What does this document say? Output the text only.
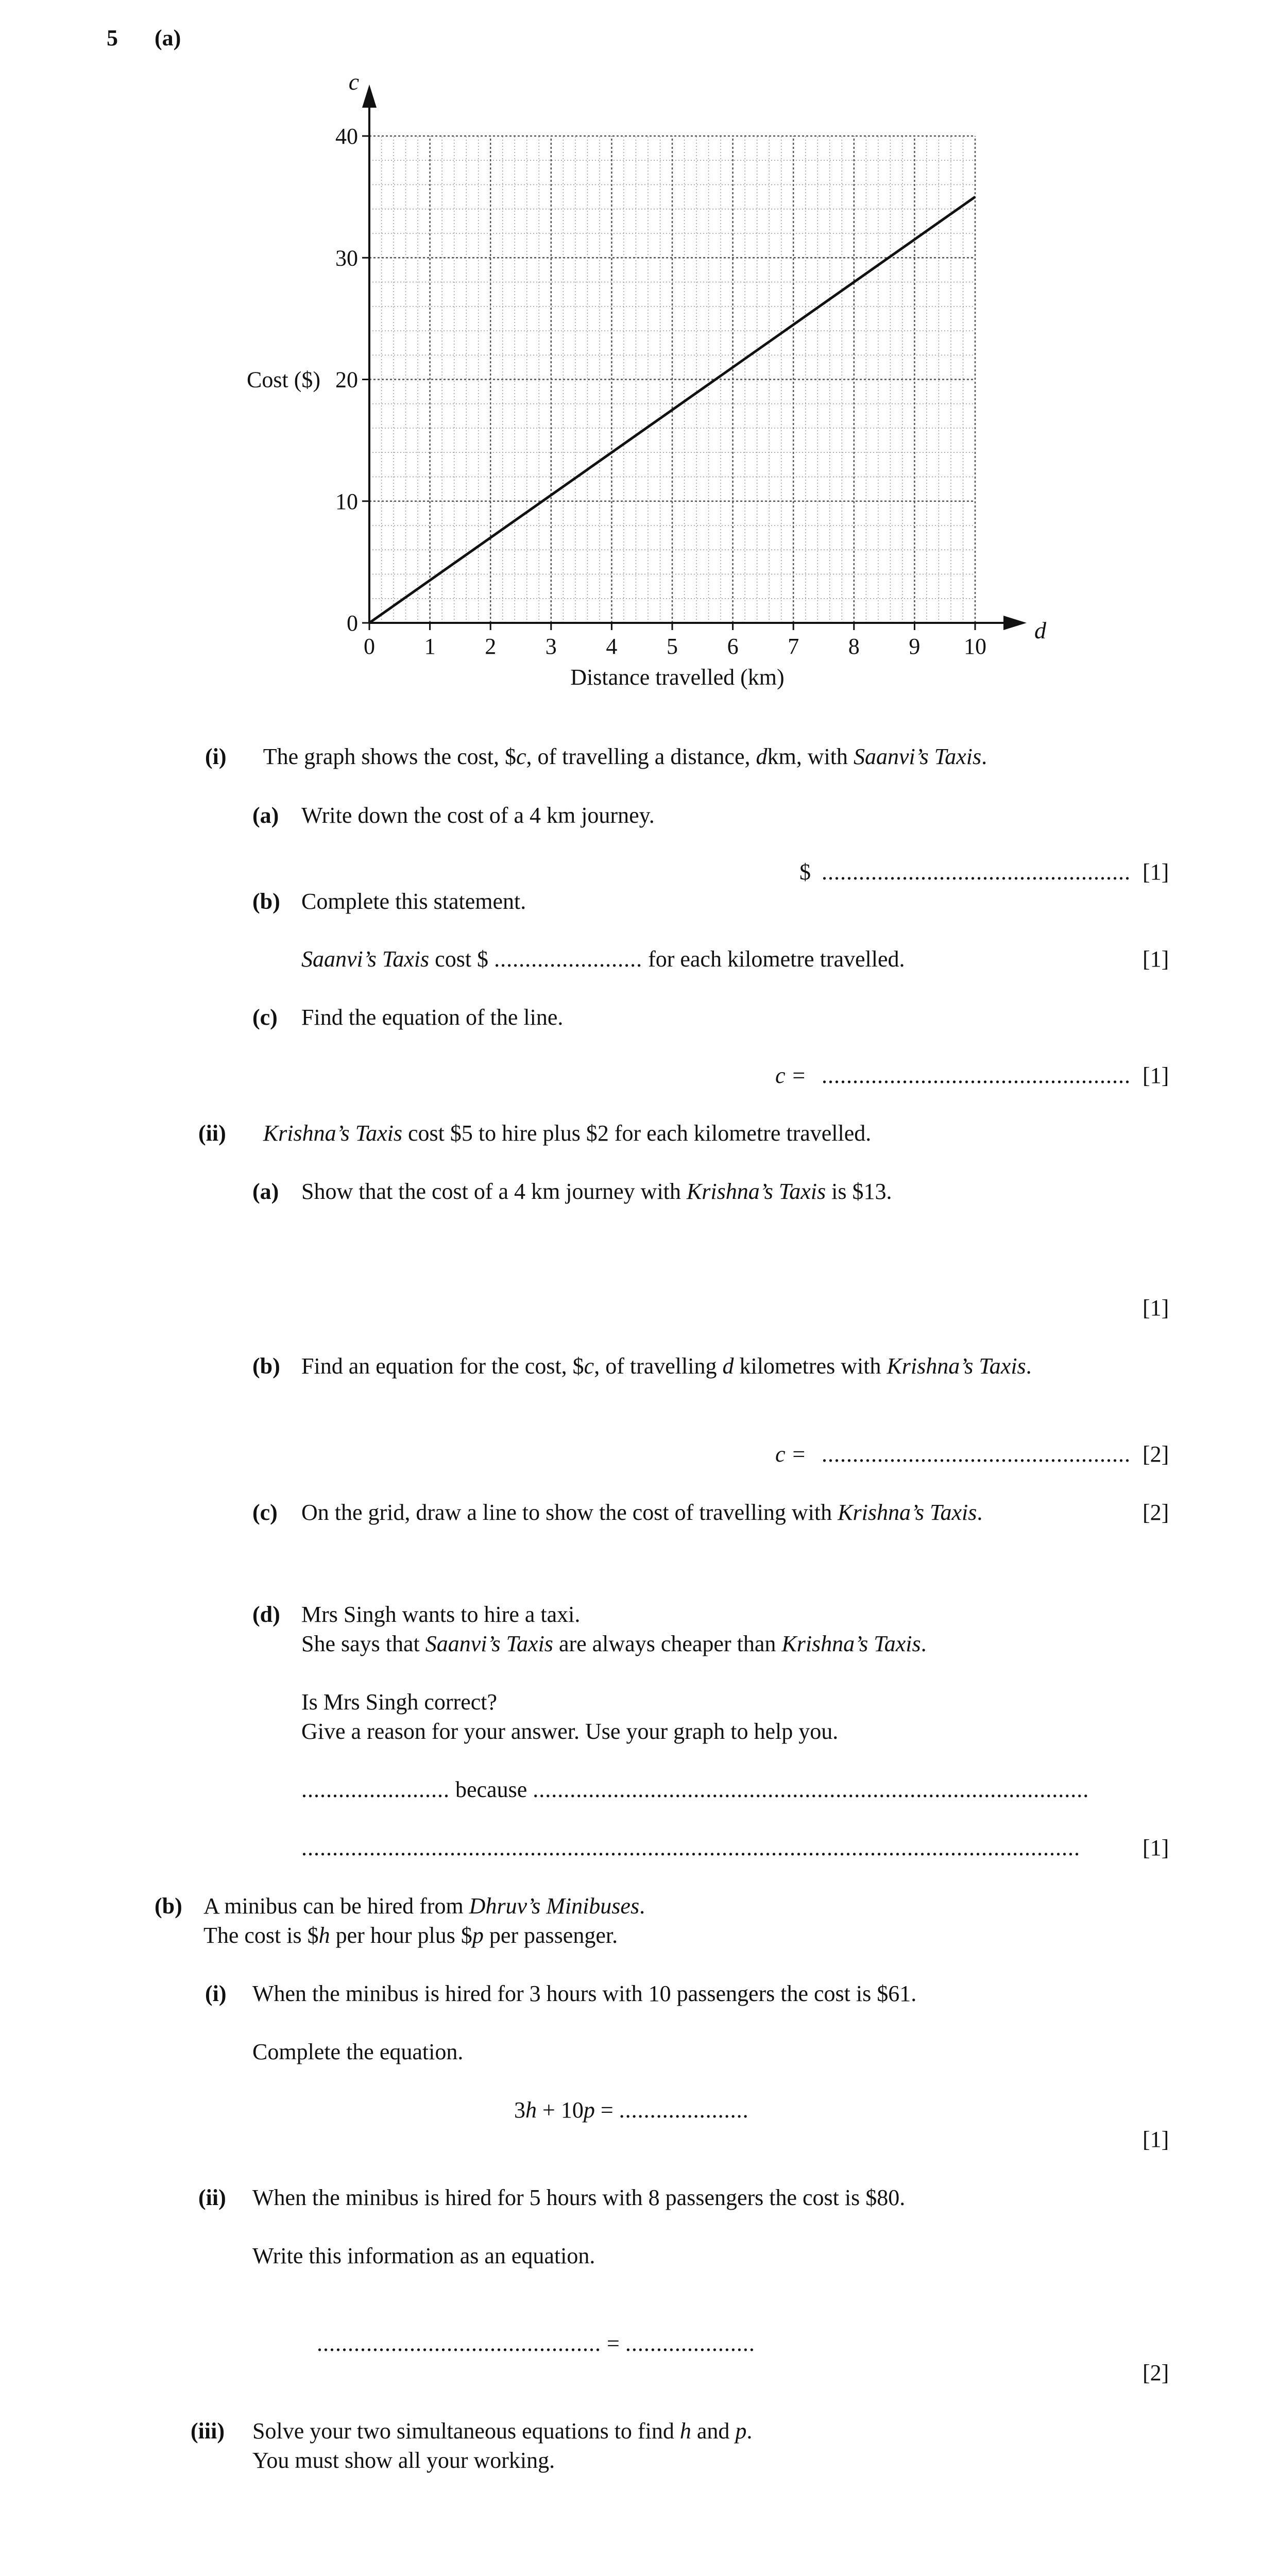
5 (a)
0 1 2 3 4 5 6 7 8 9 10
0
10
20
30
40
Distance travelled (km)
Cost ($)
d
c
(i) The graph shows the cost, $c, of travelling a distance, dkm, with Saanvi’s Taxis.
(a) Write down the cost of a 4 km journey.
$ .................................................. [1]
(b) Complete this statement.
Saanvi’s Taxis cost $ ........................ for each kilometre travelled.	[1]
(c) Find the equation of the line.
c = .................................................. [1]
(ii) Krishna’s Taxis cost $5 to hire plus $2 for each kilometre travelled.
(a) Show that the cost of a 4 km journey with Krishna’s Taxis is $13.
[1]
(b) Find an equation for the cost, $c, of travelling d kilometres with Krishna’s Taxis.
c = .................................................. [2]
(c) On the grid, draw a line to show the cost of travelling with Krishna’s Taxis.	[2]
(d) Mrs Singh wants to hire a taxi.
She says that Saanvi’s Taxis are always cheaper than Krishna’s Taxis.
Is Mrs Singh correct?
Give a reason for your answer. Use your graph to help you.
........................ because ..........................................................................................
..............................................................................................................................	[1]
(b) A minibus can be hired from Dhruv’s Minibuses.
The cost is $h per hour plus $p per passenger.
(i) When the minibus is hired for 3 hours with 10 passengers the cost is $61.
Complete the equation.
3h + 10p = .....................
[1]
(ii) When the minibus is hired for 5 hours with 8 passengers the cost is $80.
Write this information as an equation.
.............................................. = .....................
[2]
(iii) Solve your two simultaneous equations to find h and p.
You must show all your working.
